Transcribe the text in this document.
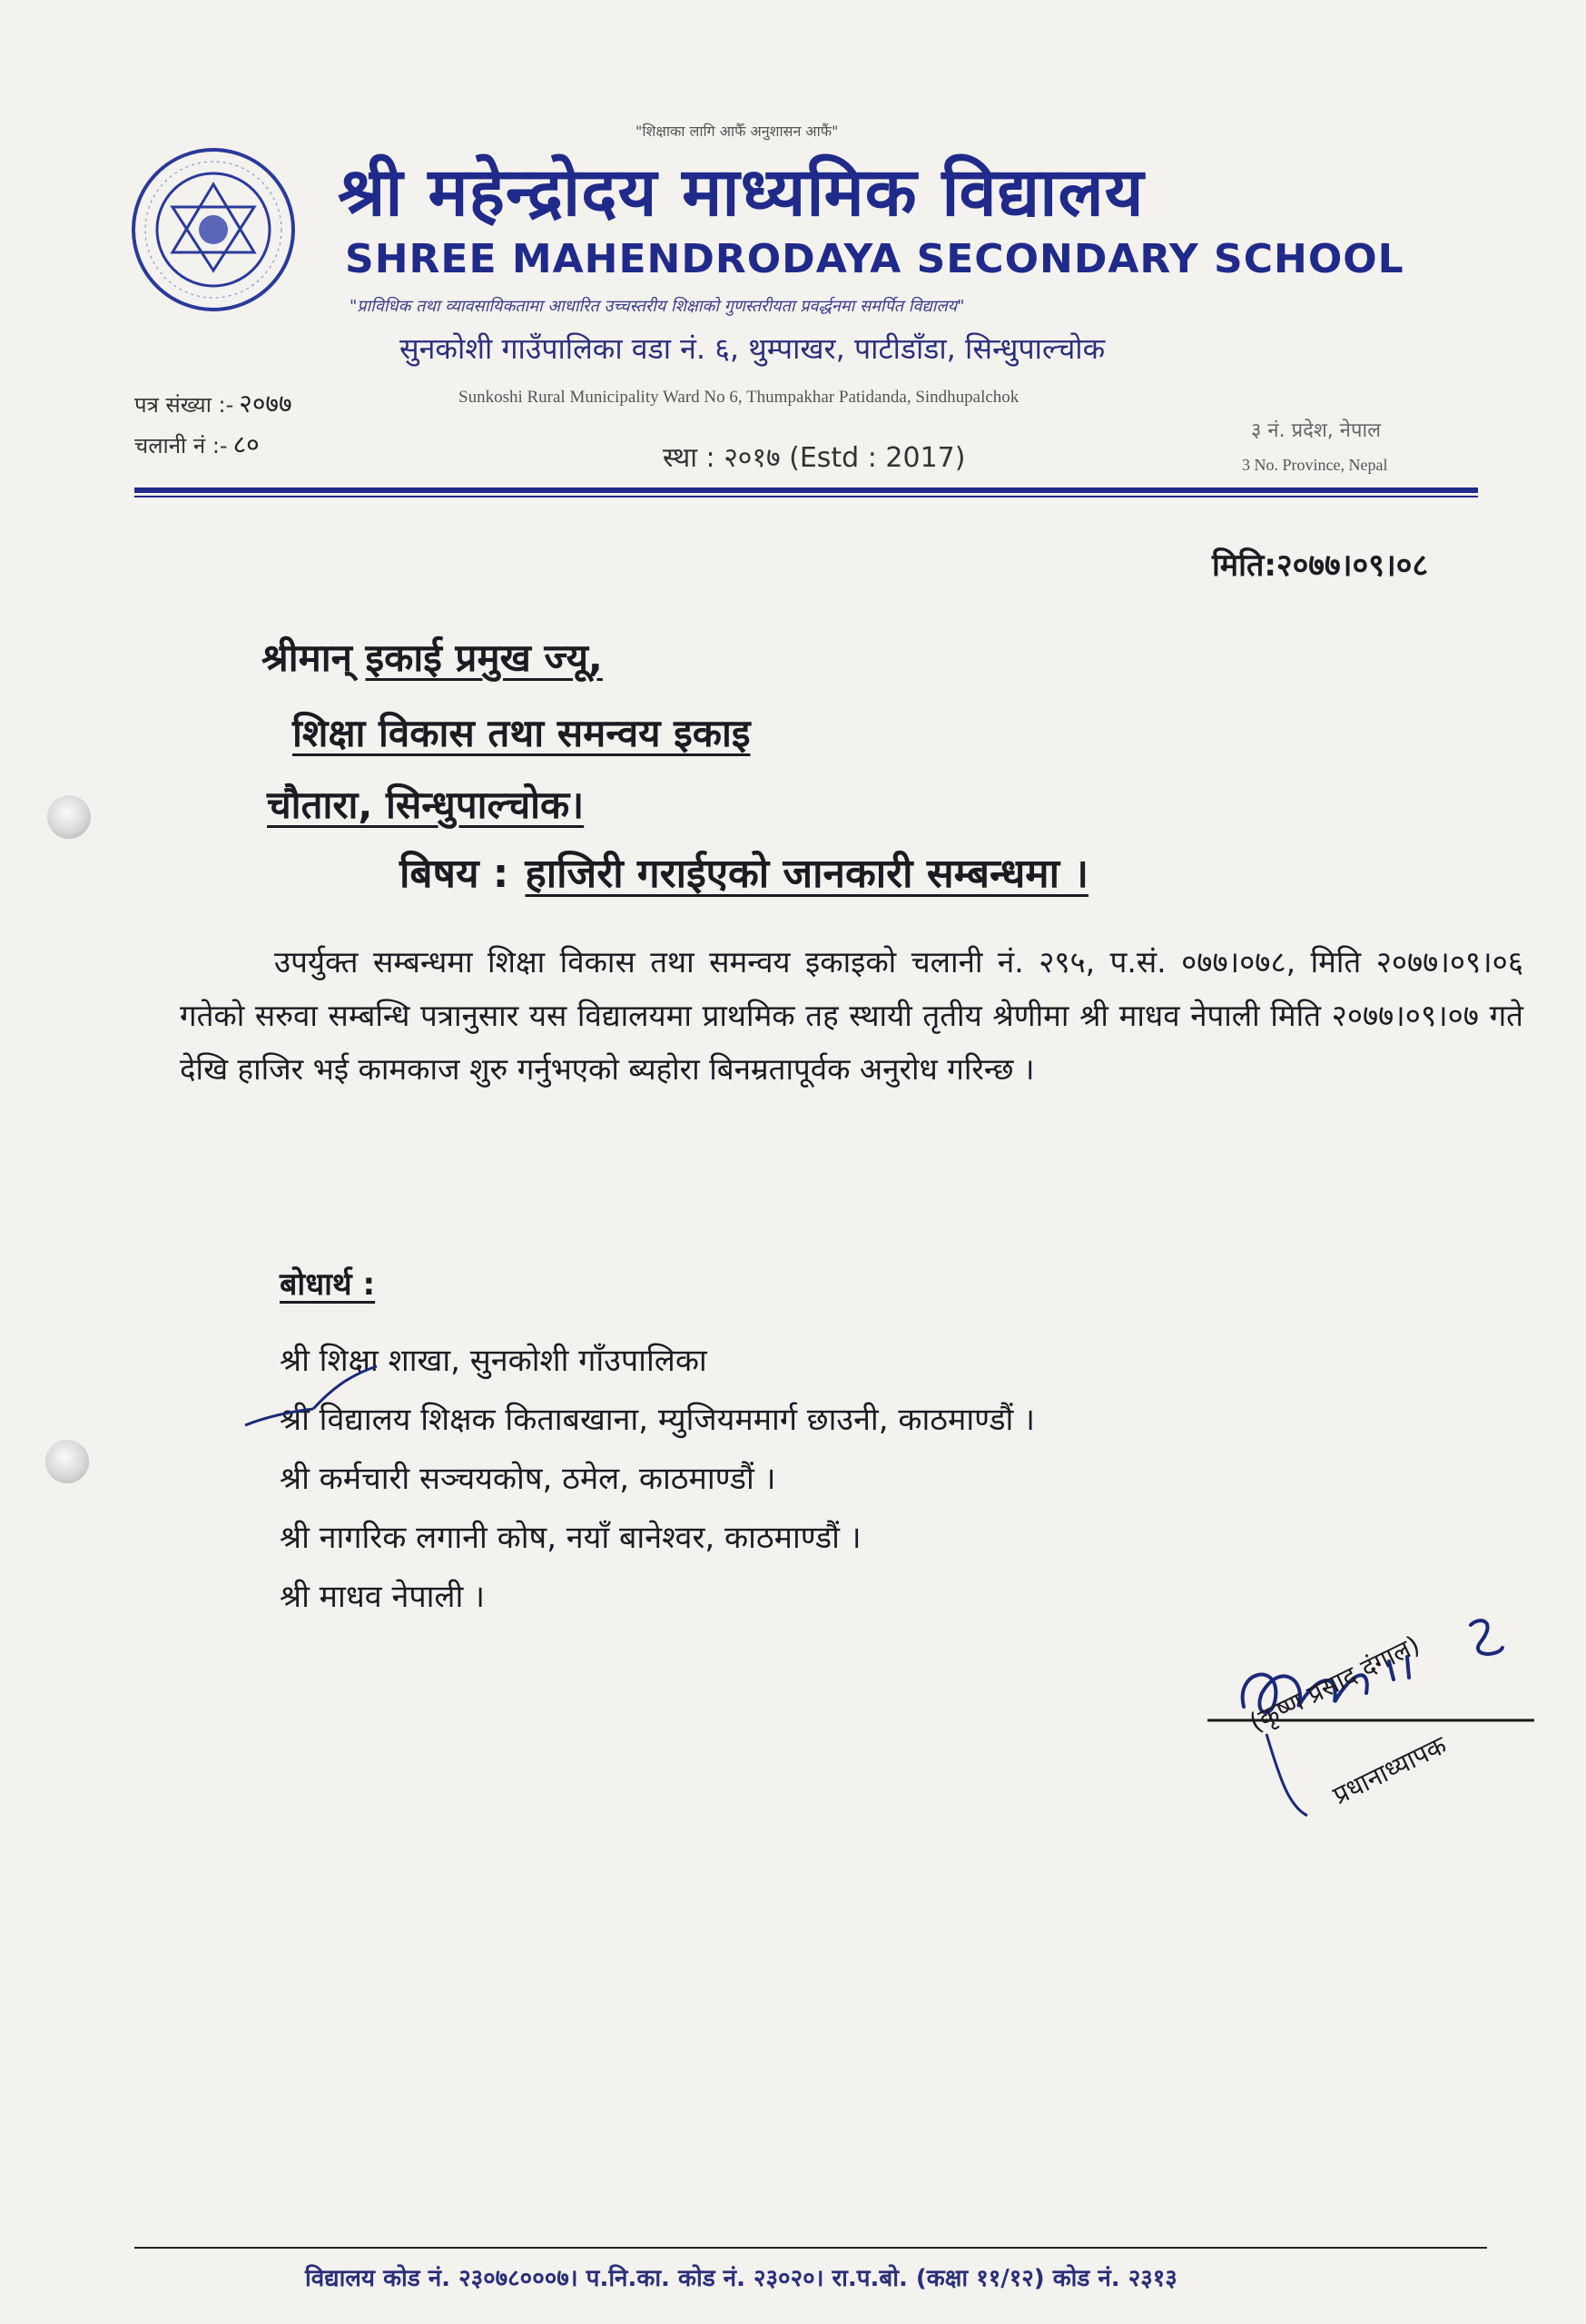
"शिक्षाका लागि आफैँ अनुशासन आफैं"
श्री महेन्द्रोदय माध्यमिक विद्यालय
SHREE MAHENDRODAYA SECONDARY SCHOOL
"प्राविधिक तथा व्यावसायिकतामा आधारित उच्चस्तरीय शिक्षाको गुणस्तरीयता प्रवर्द्धनमा समर्पित विद्यालय"
सुनकोशी गाउँपालिका वडा नं. ६, थुम्पाखर, पाटीडाँडा, सिन्धुपाल्चोक
Sunkoshi Rural Municipality Ward No 6, Thumpakhar Patidanda, Sindhupalchok
पत्र संख्या :- २०७७
चलानी नं :- ८०	स्था : २०१७ (Estd : 2017)
३ नं. प्रदेश, नेपाल
3 No. Province, Nepal
मिति:२०७७।०९।०८
श्रीमान् इकाई प्रमुख ज्यू,
शिक्षा विकास तथा समन्वय इकाइ
चौतारा, सिन्धुपाल्चोक।
बिषय : हाजिरी गराईएको जानकारी सम्बन्धमा ।
उपर्युक्त सम्बन्धमा शिक्षा विकास तथा समन्वय इकाइको चलानी नं. २९५, प.सं. ०७७।०७८, मिति २०७७।०९।०६ गतेको सरुवा सम्बन्धि पत्रानुसार यस विद्यालयमा प्राथमिक तह स्थायी तृतीय श्रेणीमा श्री माधव नेपाली मिति २०७७।०९।०७ गते देखि हाजिर भई कामकाज शुरु गर्नुभएको ब्यहोरा बिनम्रतापूर्वक अनुरोध गरिन्छ ।
बोधार्थ :
श्री शिक्षा शाखा, सुनकोशी गाँउपालिका
श्री विद्यालय शिक्षक किताबखाना, म्युजियममार्ग छाउनी, काठमाण्डौं ।
श्री कर्मचारी सञ्चयकोष, ठमेल, काठमाण्डौं ।
श्री नागरिक लगानी कोष, नयाँ बानेश्वर, काठमाण्डौं ।
श्री माधव नेपाली ।
(कृष्ण प्रसाद दंगाल)
प्रधानाध्यापक
विद्यालय कोड नं. २३०७८०००७। प.नि.का. कोड नं. २३०२०। रा.प.बो. (कक्षा ११/१२) कोड नं. २३१३
